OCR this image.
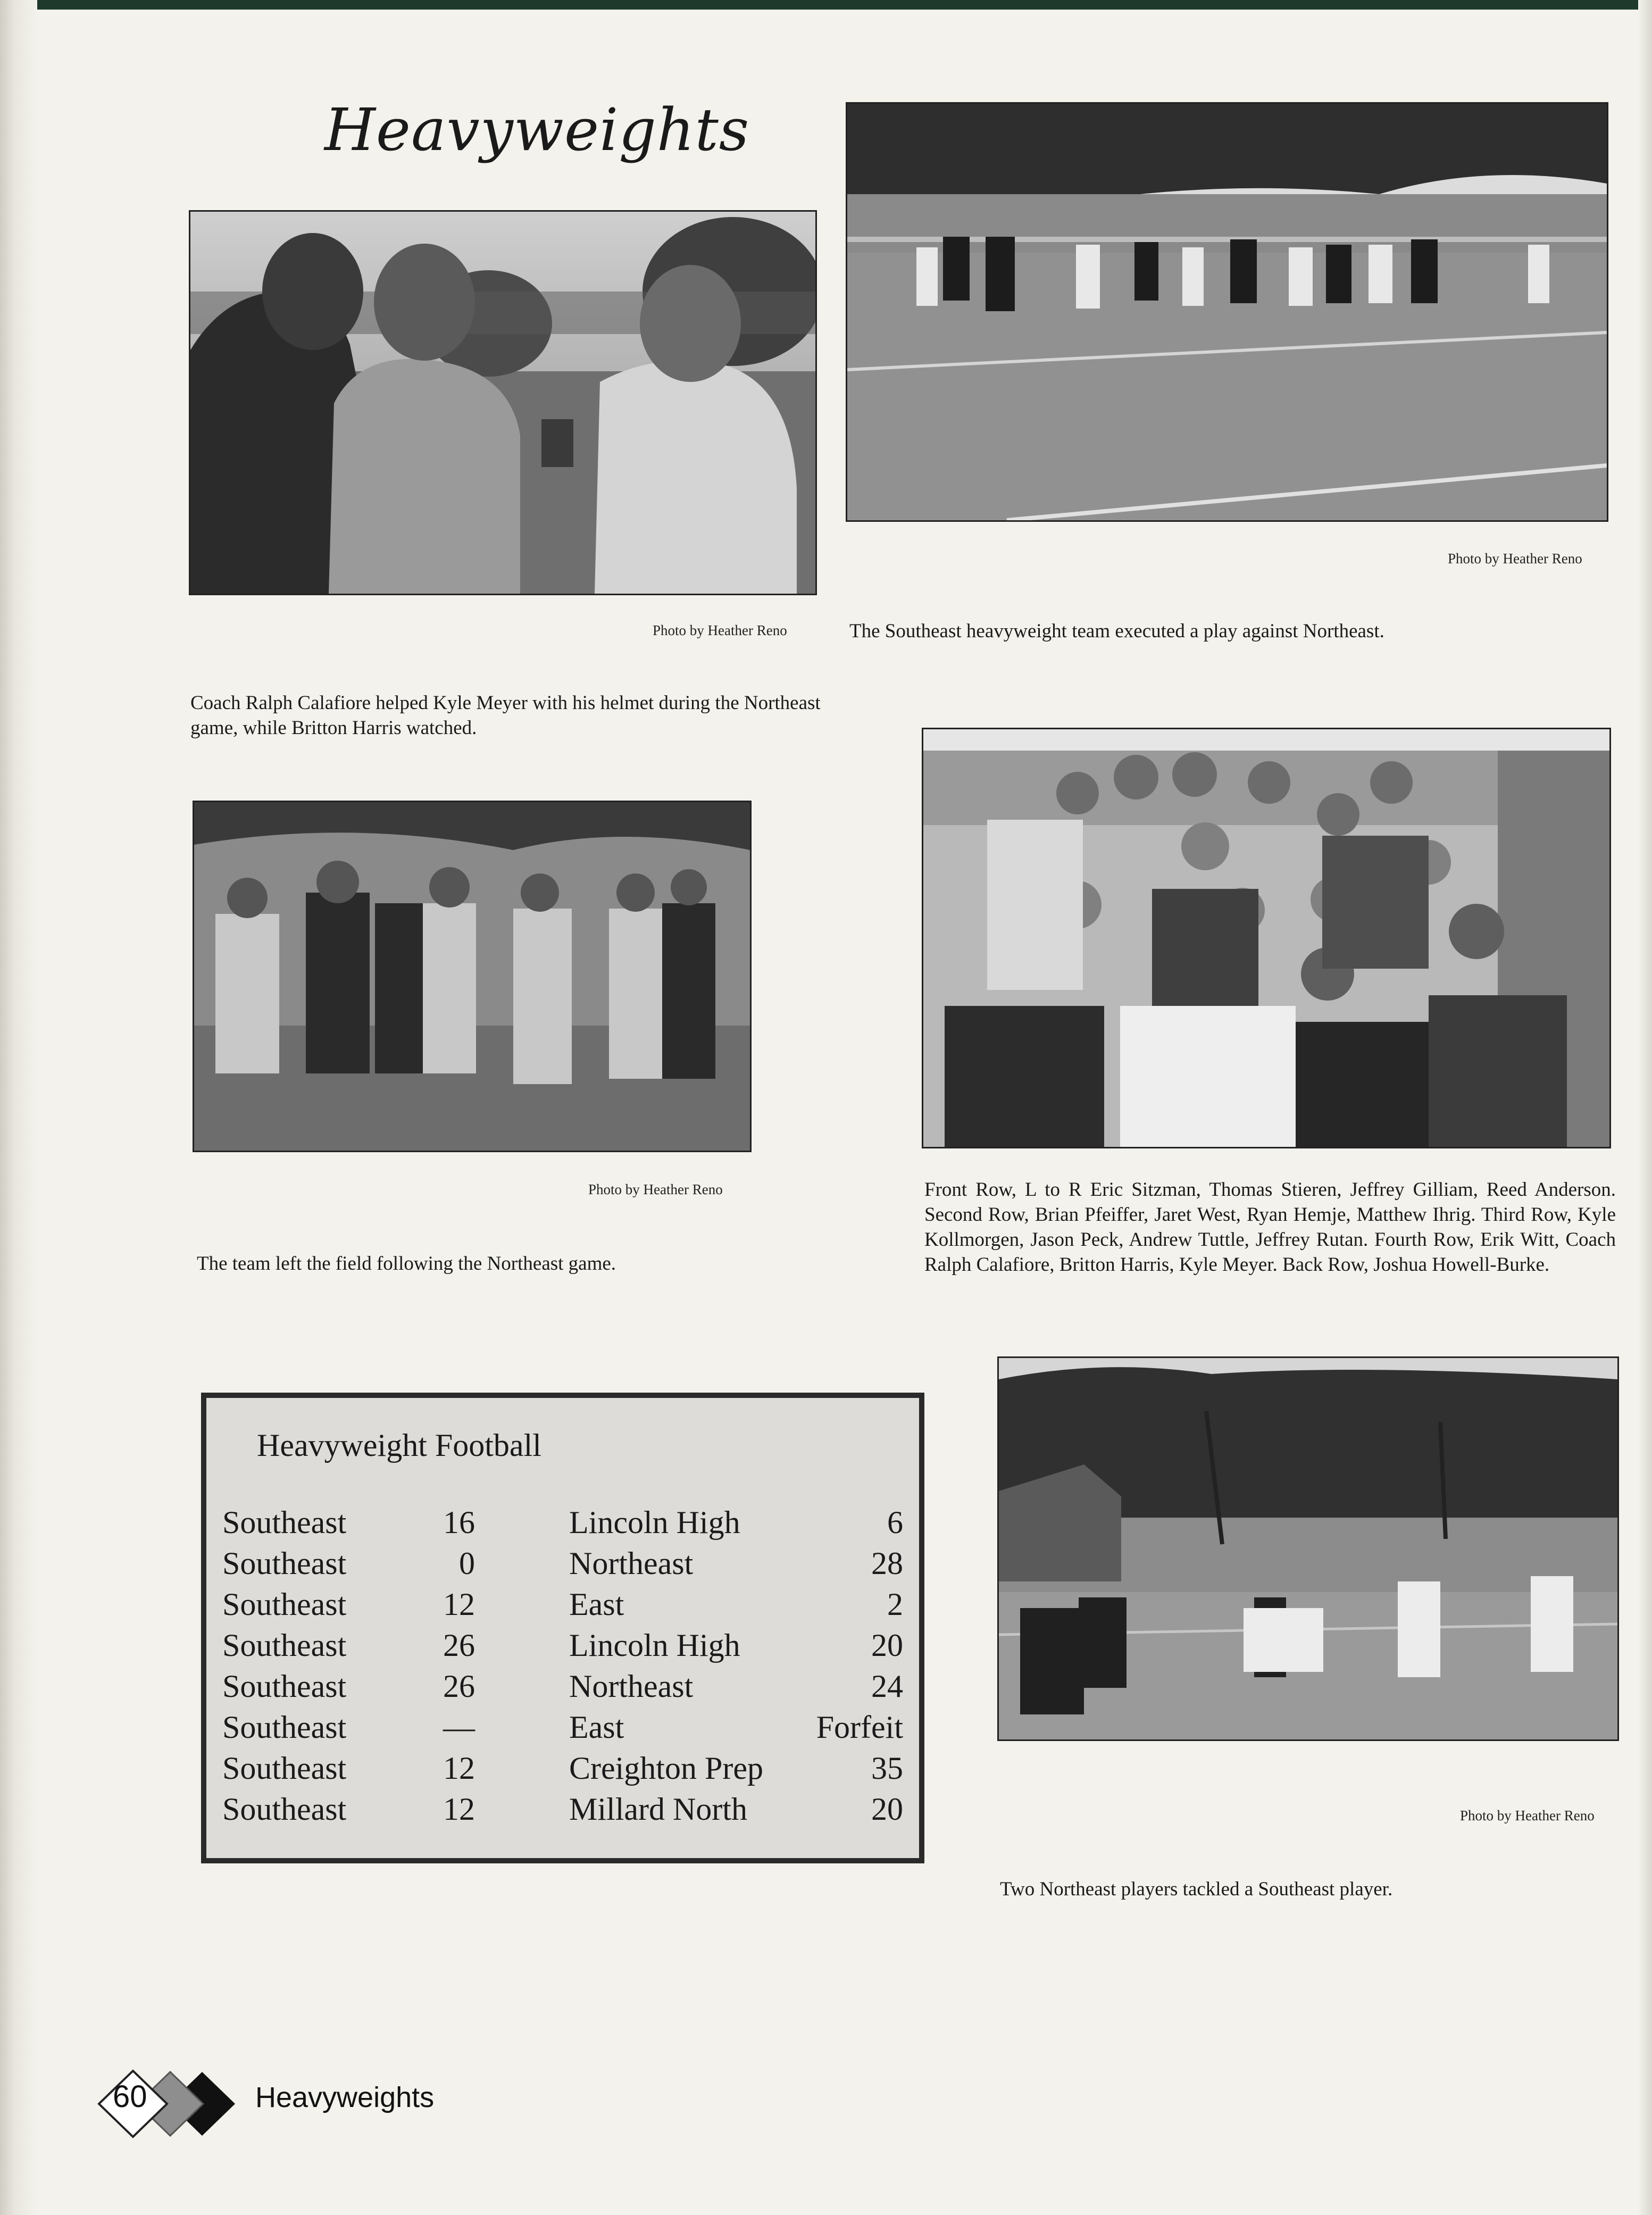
Heavyweights
Photo by Heather Reno
Coach Ralph Calafiore helped Kyle Meyer with his helmet during the Northeast game, while Britton Harris watched.
Photo by Heather Reno
The Southeast heavyweight team executed a play against Northeast.
Photo by Heather Reno
The team left the field following the Northeast game.
Front Row, L to R Eric Sitzman, Thomas Stieren, Jeffrey Gilliam, Reed Anderson. Second Row, Brian Pfeiffer, Jaret West, Ryan Hemje, Matthew Ihrig. Third Row, Kyle Kollmorgen, Jason Peck, Andrew Tuttle, Jeffrey Rutan. Fourth Row, Erik Witt, Coach Ralph Calafiore, Britton Harris, Kyle Meyer. Back Row, Joshua Howell-Burke.
Photo by Heather Reno
Two Northeast players tackled a Southeast player.
Heavyweight Football
Southeast	16	Lincoln High	6
Southeast	0	Northeast	28
Southeast	12	East	2
Southeast	26	Lincoln High	20
Southeast	26	Northeast	24
Southeast	—	East	Forfeit
Southeast	12	Creighton Prep	35
Southeast	12	Millard North	20
60	Heavyweights
